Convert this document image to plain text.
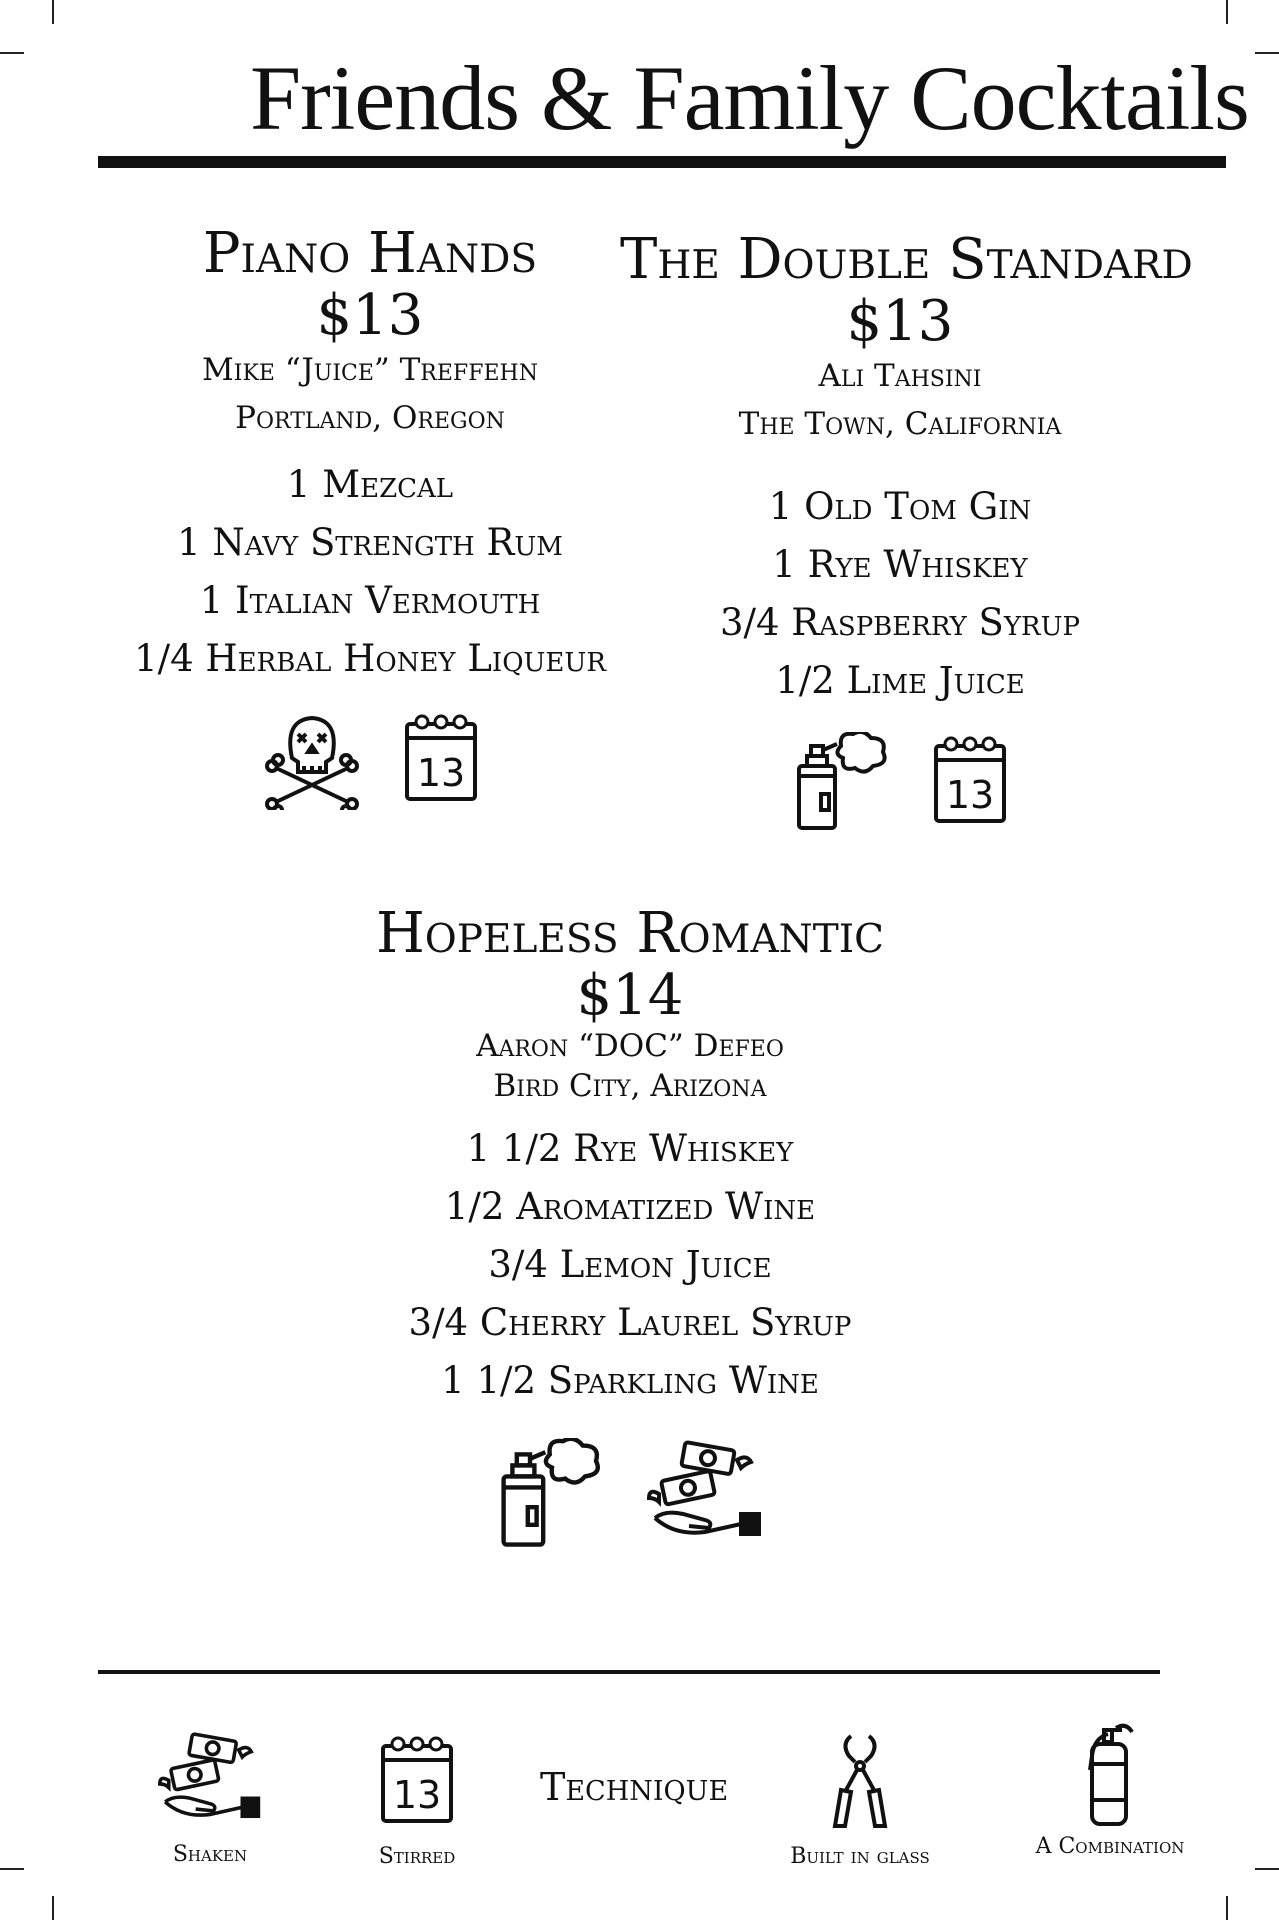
Friends & Family Cocktails
Piano Hands
$13
Mike “Juice” Treffehn
Portland, Oregon
1 Mezcal
1 Navy Strength Rum
1 Italian Vermouth
1/4 Herbal Honey Liqueur
13
The Double Standard
$13
Ali Tahsini
The Town, California
1 Old Tom Gin
1 Rye Whiskey
3/4 Raspberry Syrup
1/2 Lime Juice
13
Hopeless Romantic
$14
Aaron “DOC” Defeo
Bird City, Arizona
1 1/2 Rye Whiskey
1/2 Aromatized Wine
3/4 Lemon Juice
3/4 Cherry Laurel Syrup
1 1/2 Sparkling Wine
Technique
Shaken
13
Stirred	Built in glass	A Combination
